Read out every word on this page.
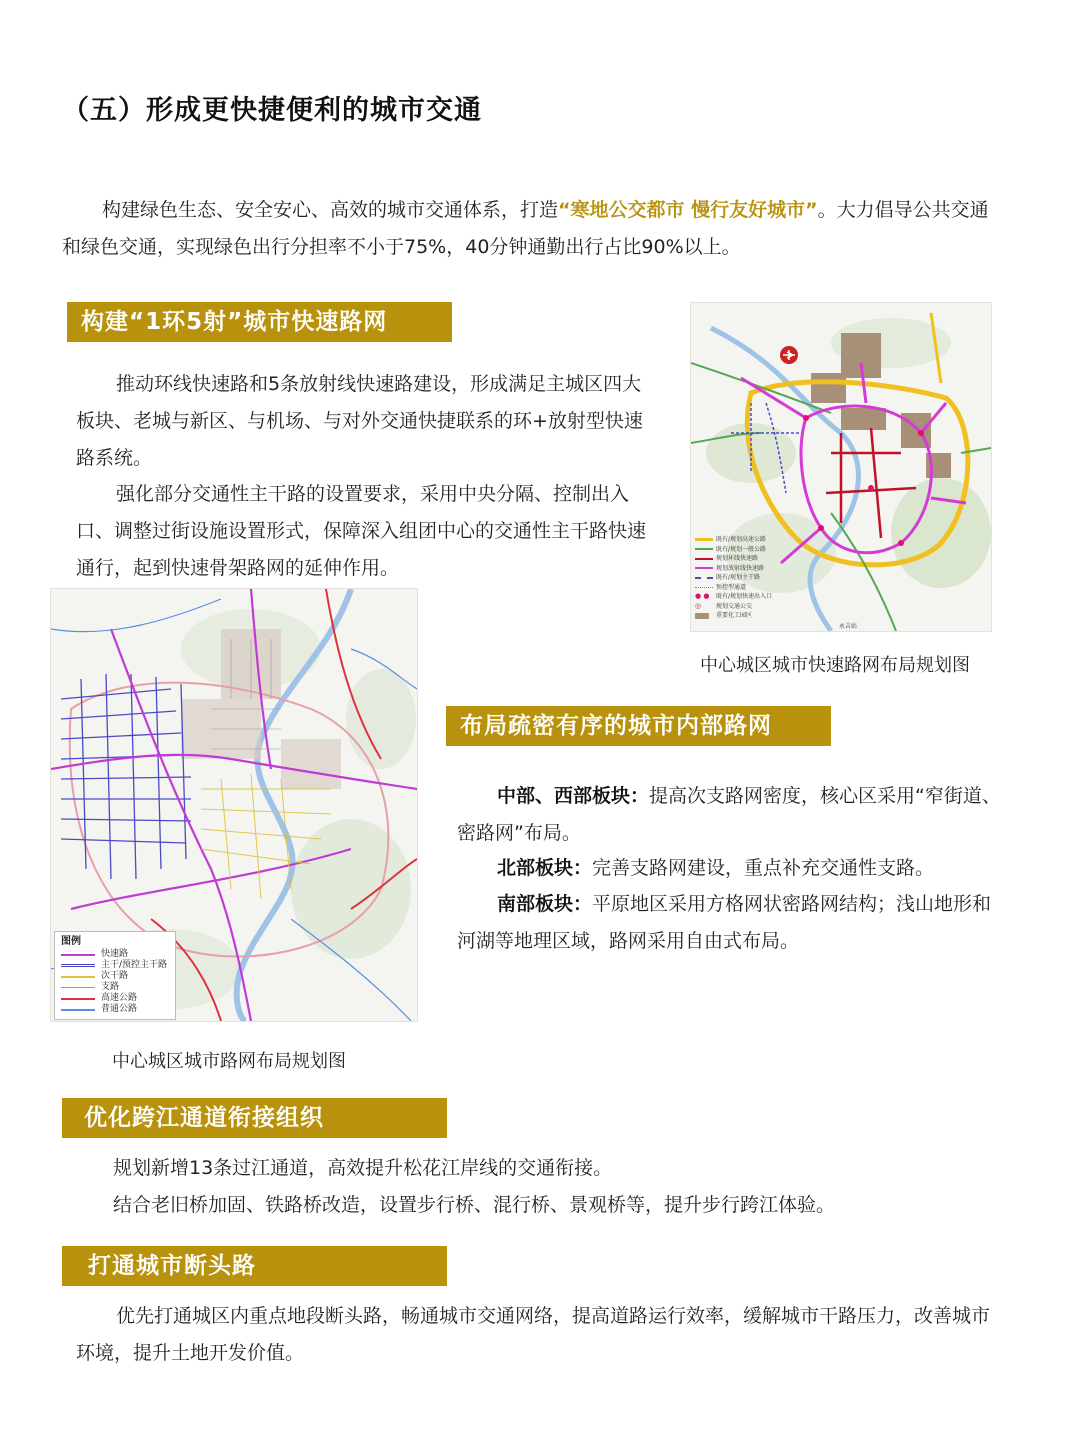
（五）形成更快捷便利的城市交通

构建绿色生态、安全安心、高效的城市交通体系，打造“寒地公交都市 慢行友好城市”。大力倡导公共交通和绿色交通，实现绿色出行分担率不小于75%，40分钟通勤出行占比90%以上。

构建“1环5射”城市快速路网

推动环线快速路和5条放射线快速路建设，形成满足主城区四大板块、老城与新区、与机场、与对外交通快捷联系的环+放射型快速路系统。

强化部分交通性主干路的设置要求，采用中央分隔、控制出入口、调整过街设施设置形式，保障深入组团中心的交通性主干路快速通行，起到快速骨架路网的延伸作用。

既有/规划高速公路
既有/规划一般公路
规划环线快速路
规划放射线快速路
既有/规划主干路
预控型通道
● ●	既有/规划快速出入口
◎	规划交通公交
重要化工园区
永吉站
中心城区城市快速路网布局规划图
图例
快速路
主干/预控主干路
次干路
支路
高速公路
普通公路
中心城区城市路网布局规划图
布局疏密有序的城市内部路网

中部、西部板块：提高次支路网密度，核心区采用“窄街道、密路网”布局。

北部板块：完善支路网建设，重点补充交通性支路。

南部板块：平原地区采用方格网状密路网结构；浅山地形和河湖等地理区域，路网采用自由式布局。

优化跨江通道衔接组织

规划新增13条过江通道，高效提升松花江岸线的交通衔接。

结合老旧桥加固、铁路桥改造，设置步行桥、混行桥、景观桥等，提升步行跨江体验。

打通城市断头路

优先打通城区内重点地段断头路，畅通城市交通网络，提高道路运行效率，缓解城市干路压力，改善城市环境，提升土地开发价值。
